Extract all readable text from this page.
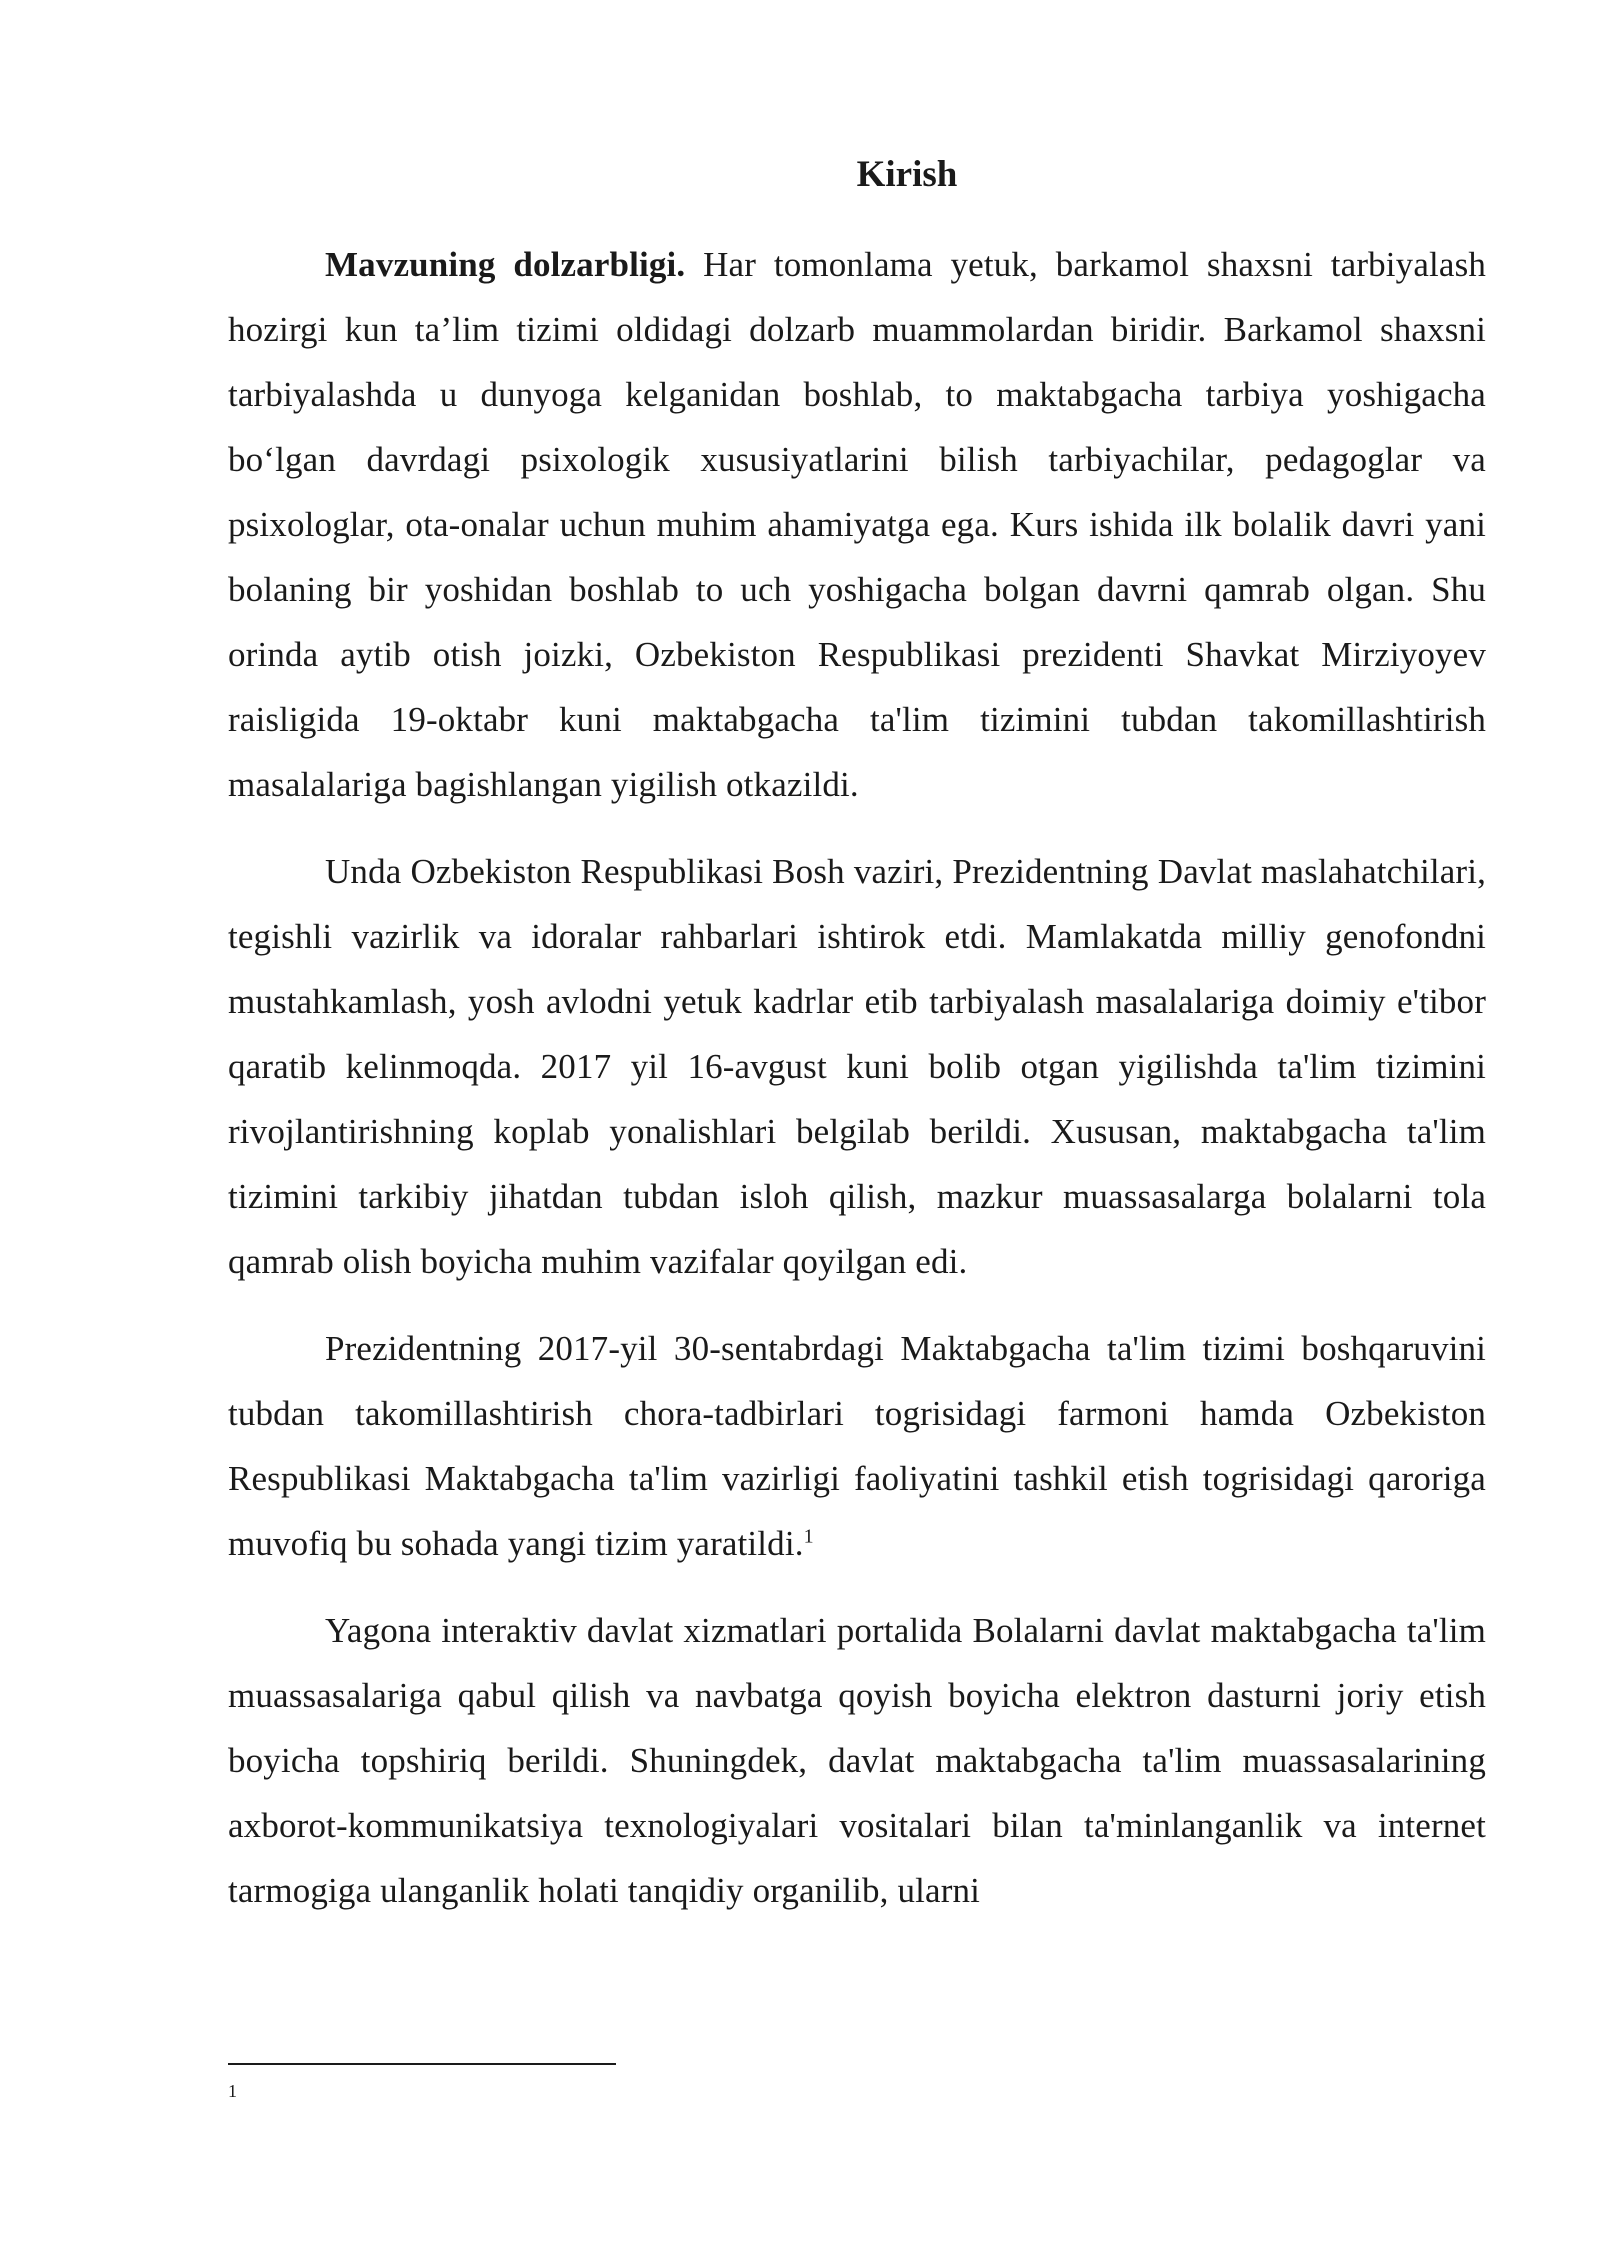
Kirish

Mavzuning dolzarbligi. Har tomonlama yetuk, barkamol shaxsni tarbiyalash hozirgi kun ta’lim tizimi oldidagi dolzarb muammolardan biridir. Barkamol shaxsni tarbiyalashda u dunyoga kelganidan boshlab, to maktabgacha tarbiya yoshigacha bo‘lgan davrdagi psixologik xususiyatlarini bilish tarbiyachilar, pedagoglar va psixologlar, ota-onalar uchun muhim ahamiyatga ega. Kurs ishida ilk bolalik davri yani bolaning bir yoshidan boshlab to uch yoshigacha bolgan davrni qamrab olgan. Shu orinda aytib otish joizki, Ozbekiston Respublikasi prezidenti Shavkat Mirziyoyev raisligida 19-oktabr kuni maktabgacha ta'lim tizimini tubdan takomillashtirish masalalariga bagishlangan yigilish otkazildi.

Unda Ozbekiston Respublikasi Bosh vaziri, Prezidentning Davlat maslahatchilari, tegishli vazirlik va idoralar rahbarlari ishtirok etdi. Mamlakatda milliy genofondni mustahkamlash, yosh avlodni yetuk kadrlar etib tarbiyalash masalalariga doimiy e'tibor qaratib kelinmoqda. 2017 yil 16-avgust kuni bolib otgan yigilishda ta'lim tizimini rivojlantirishning koplab yonalishlari belgilab berildi. Xususan, maktabgacha ta'lim tizimini tarkibiy jihatdan tubdan isloh qilish, mazkur muassasalarga bolalarni tola qamrab olish boyicha muhim vazifalar qoyilgan edi.

Prezidentning 2017-yil 30-sentabrdagi Maktabgacha ta'lim tizimi boshqaruvini tubdan takomillashtirish chora-tadbirlari togrisidagi farmoni hamda Ozbekiston Respublikasi Maktabgacha ta'lim vazirligi faoliyatini tashkil etish togrisidagi qaroriga muvofiq bu sohada yangi tizim yaratildi.$^1$

Yagona interaktiv davlat xizmatlari portalida Bolalarni davlat maktabgacha ta'lim muassasalariga qabul qilish va navbatga qoyish boyicha elektron dasturni joriy etish boyicha topshiriq berildi. Shuningdek, davlat maktabgacha ta'lim muassasalarining axborot-kommunikatsiya texnologiyalari vositalari bilan ta'minlanganlik va internet tarmogiga ulanganlik holati tanqidiy organilib, ularni

1
